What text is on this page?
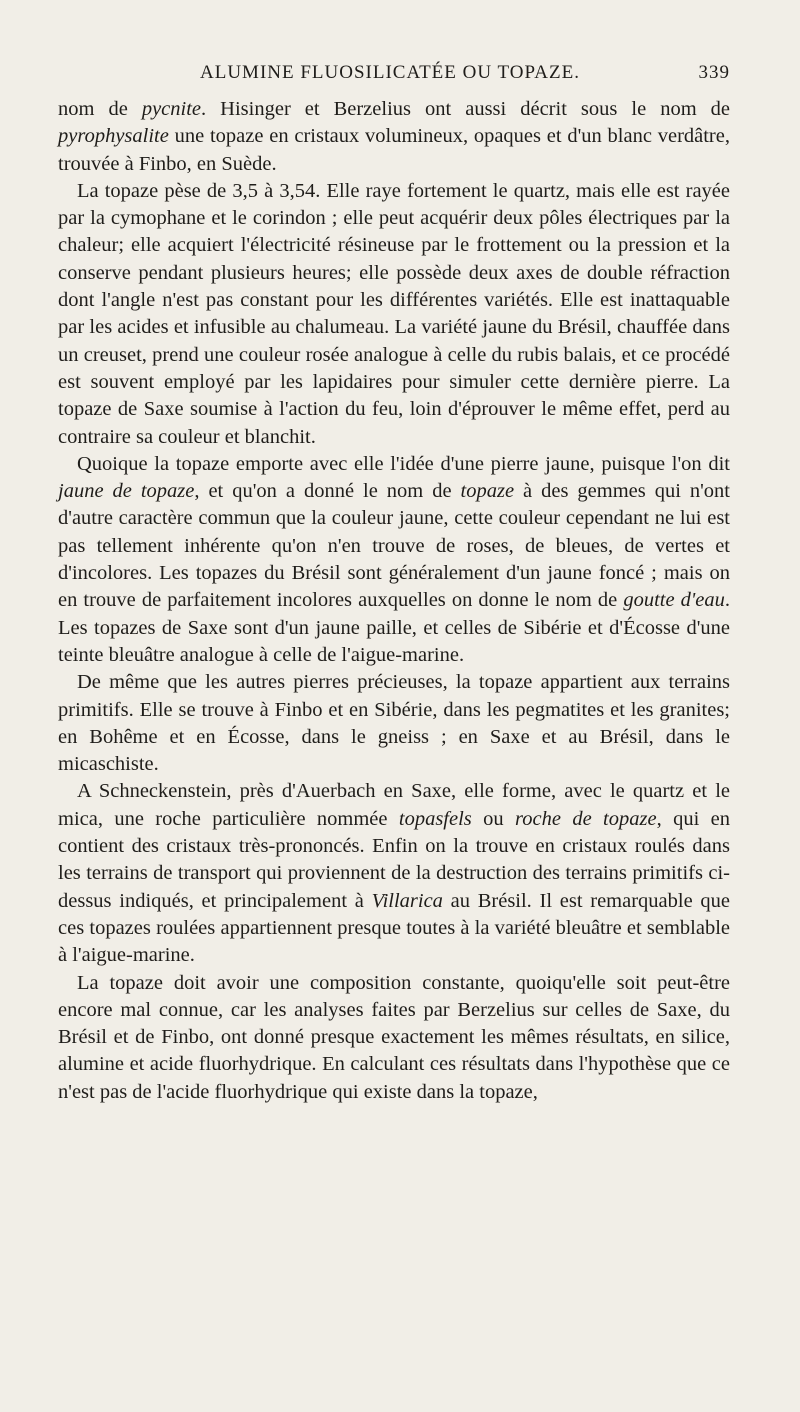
ALUMINE FLUOSILICATÉE OU TOPAZE.	339

nom de pycnite. Hisinger et Berzelius ont aussi décrit sous le nom de pyrophysalite une topaze en cristaux volumineux, opaques et d'un blanc verdâtre, trouvée à Finbo, en Suède.

La topaze pèse de 3,5 à 3,54. Elle raye fortement le quartz, mais elle est rayée par la cymophane et le corindon ; elle peut acquérir deux pôles électriques par la chaleur; elle acquiert l'électricité résineuse par le frottement ou la pression et la conserve pendant plusieurs heures; elle possède deux axes de double réfraction dont l'angle n'est pas constant pour les différentes variétés. Elle est inattaquable par les acides et infusible au chalumeau. La variété jaune du Brésil, chauffée dans un creuset, prend une couleur rosée analogue à celle du rubis balais, et ce procédé est souvent employé par les lapidaires pour simuler cette dernière pierre. La topaze de Saxe soumise à l'action du feu, loin d'éprouver le même effet, perd au contraire sa couleur et blanchit.

Quoique la topaze emporte avec elle l'idée d'une pierre jaune, puisque l'on dit jaune de topaze, et qu'on a donné le nom de topaze à des gemmes qui n'ont d'autre caractère commun que la couleur jaune, cette couleur cependant ne lui est pas tellement inhérente qu'on n'en trouve de roses, de bleues, de vertes et d'incolores. Les topazes du Brésil sont généralement d'un jaune foncé ; mais on en trouve de parfaitement incolores auxquelles on donne le nom de goutte d'eau. Les topazes de Saxe sont d'un jaune paille, et celles de Sibérie et d'Écosse d'une teinte bleuâtre analogue à celle de l'aigue-marine.

De même que les autres pierres précieuses, la topaze appartient aux terrains primitifs. Elle se trouve à Finbo et en Sibérie, dans les pegmatites et les granites; en Bohême et en Écosse, dans le gneiss ; en Saxe et au Brésil, dans le micaschiste.

A Schneckenstein, près d'Auerbach en Saxe, elle forme, avec le quartz et le mica, une roche particulière nommée topasfels ou roche de topaze, qui en contient des cristaux très-prononcés. Enfin on la trouve en cristaux roulés dans les terrains de transport qui proviennent de la destruction des terrains primitifs ci-dessus indiqués, et principalement à Villarica au Brésil. Il est remarquable que ces topazes roulées appartiennent presque toutes à la variété bleuâtre et semblable à l'aigue-marine.

La topaze doit avoir une composition constante, quoiqu'elle soit peut-être encore mal connue, car les analyses faites par Berzelius sur celles de Saxe, du Brésil et de Finbo, ont donné presque exactement les mêmes résultats, en silice, alumine et acide fluorhydrique. En calculant ces résultats dans l'hypothèse que ce n'est pas de l'acide fluorhydrique qui existe dans la topaze,
